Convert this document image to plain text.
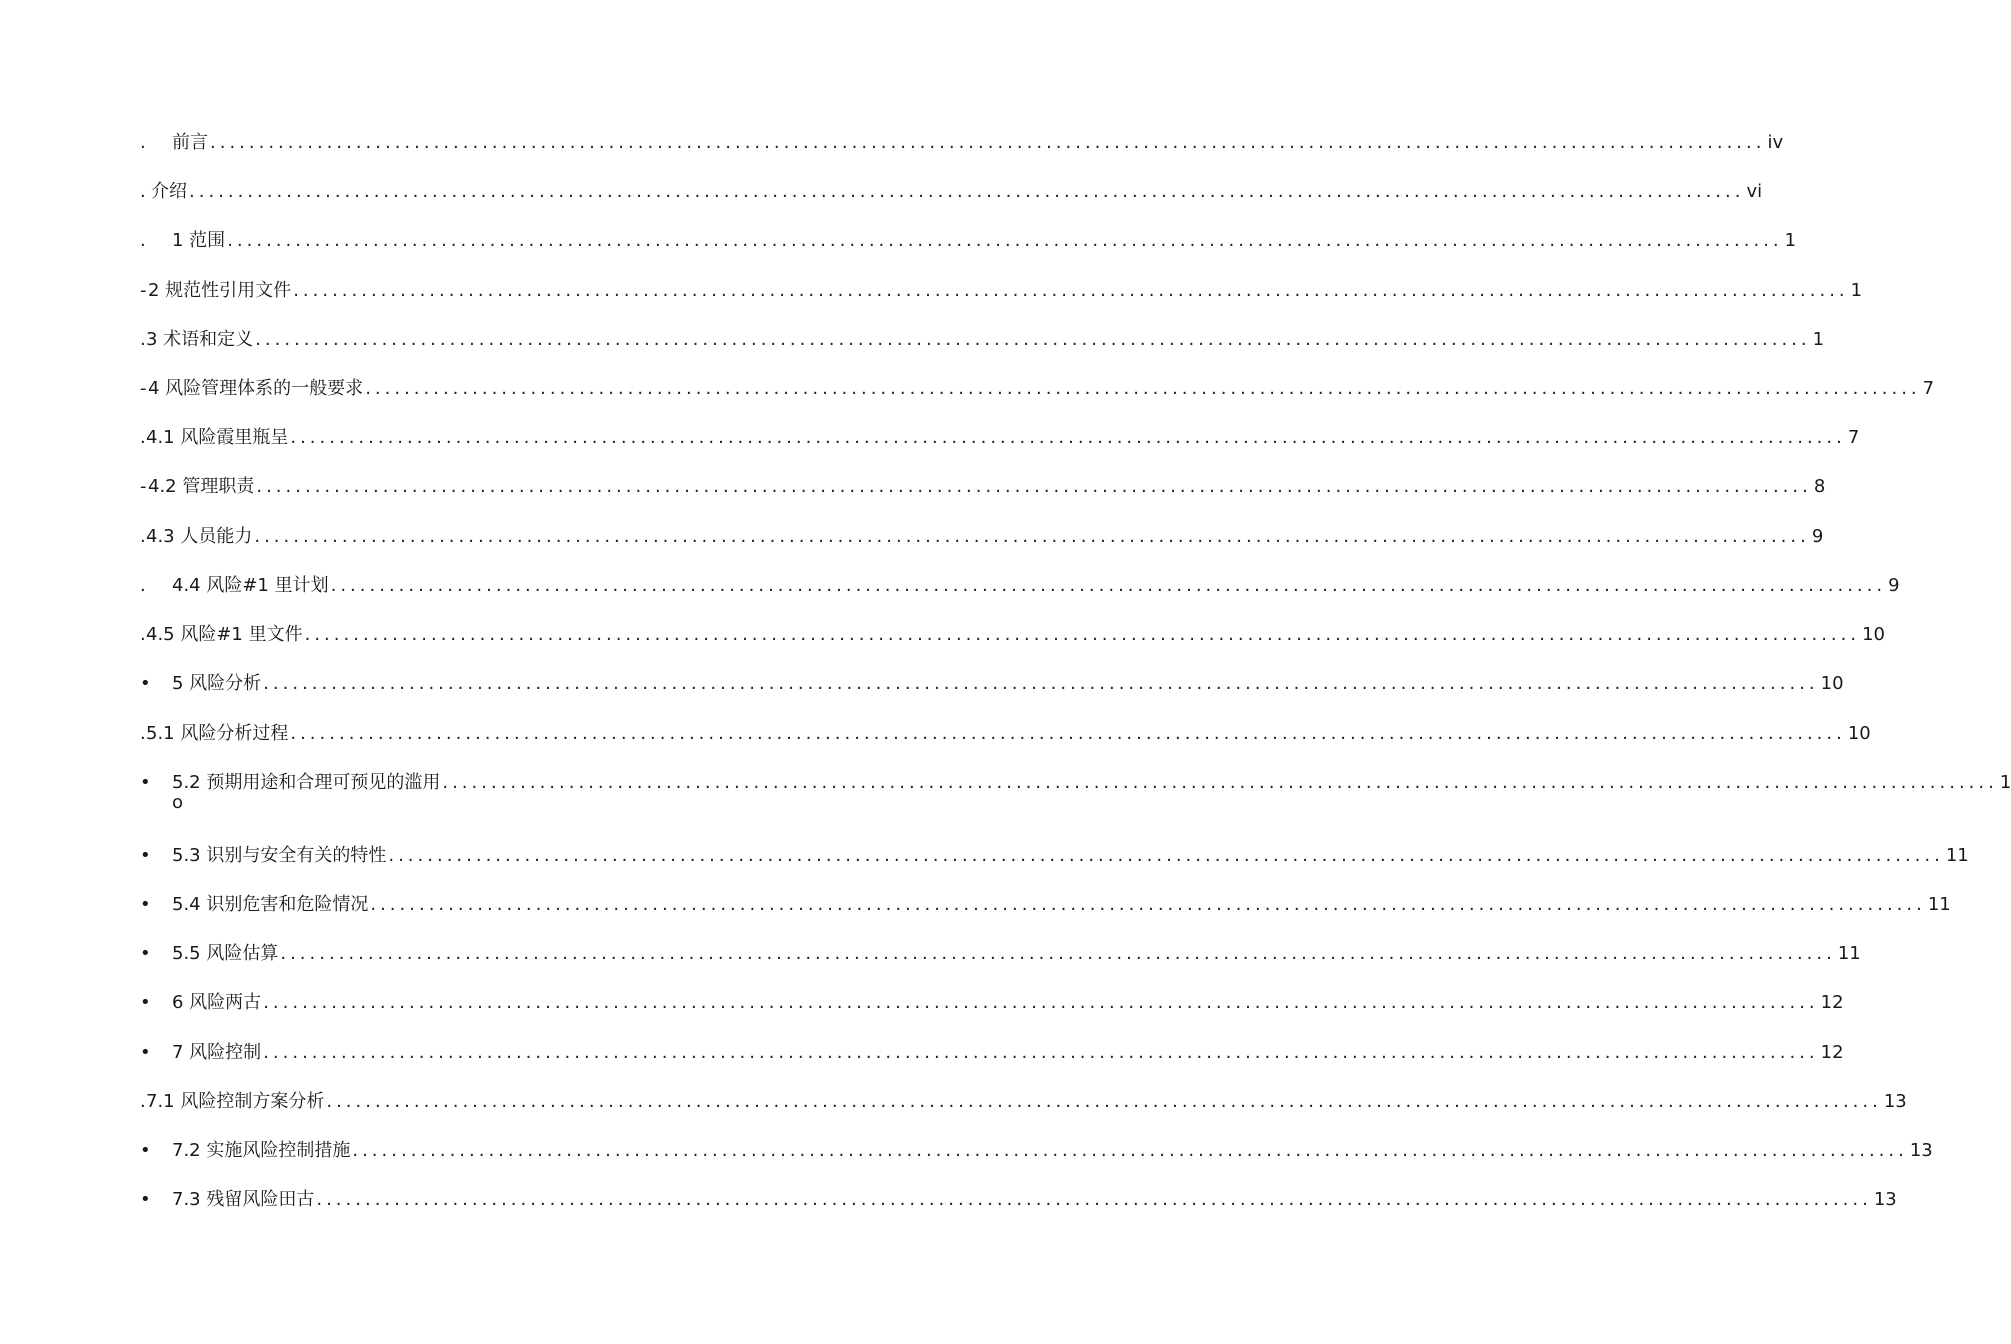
. 前言 ................................................................................................................................................................ iv
. 介绍 ................................................................................................................................................................ vi
. 1 范围 ................................................................................................................................................................ 1
- 2 规范性引用文件 ................................................................................................................................................................ 1
. 3 术语和定义 ................................................................................................................................................................ 1
- 4 风险管理体系的一般要求 ................................................................................................................................................................ 7
. 4.1 风险霞里瓶呈 ................................................................................................................................................................ 7
- 4.2 管理职责 ................................................................................................................................................................ 8
. 4.3 人员能力 ................................................................................................................................................................ 9
. 4.4 风险#1 里计划 ................................................................................................................................................................ 9
. 4.5 风险#1 里文件 ................................................................................................................................................................ 10
• 5 风险分析 ................................................................................................................................................................ 10
. 5.1 风险分析过程 ................................................................................................................................................................ 10
• 5.2 预期用途和合理可预见的滥用 ................................................................................................................................................................ 1
o
• 5.3 识别与安全有关的特性 ................................................................................................................................................................ 11
• 5.4 识别危害和危险情况 ................................................................................................................................................................ 11
• 5.5 风险估算 ................................................................................................................................................................ 11
• 6 风险两古 ................................................................................................................................................................ 12
• 7 风险控制 ................................................................................................................................................................ 12
. 7.1 风险控制方案分析 ................................................................................................................................................................ 13
• 7.2 实施风险控制措施 ................................................................................................................................................................ 13
• 7.3 残留风险田古 ................................................................................................................................................................ 13
